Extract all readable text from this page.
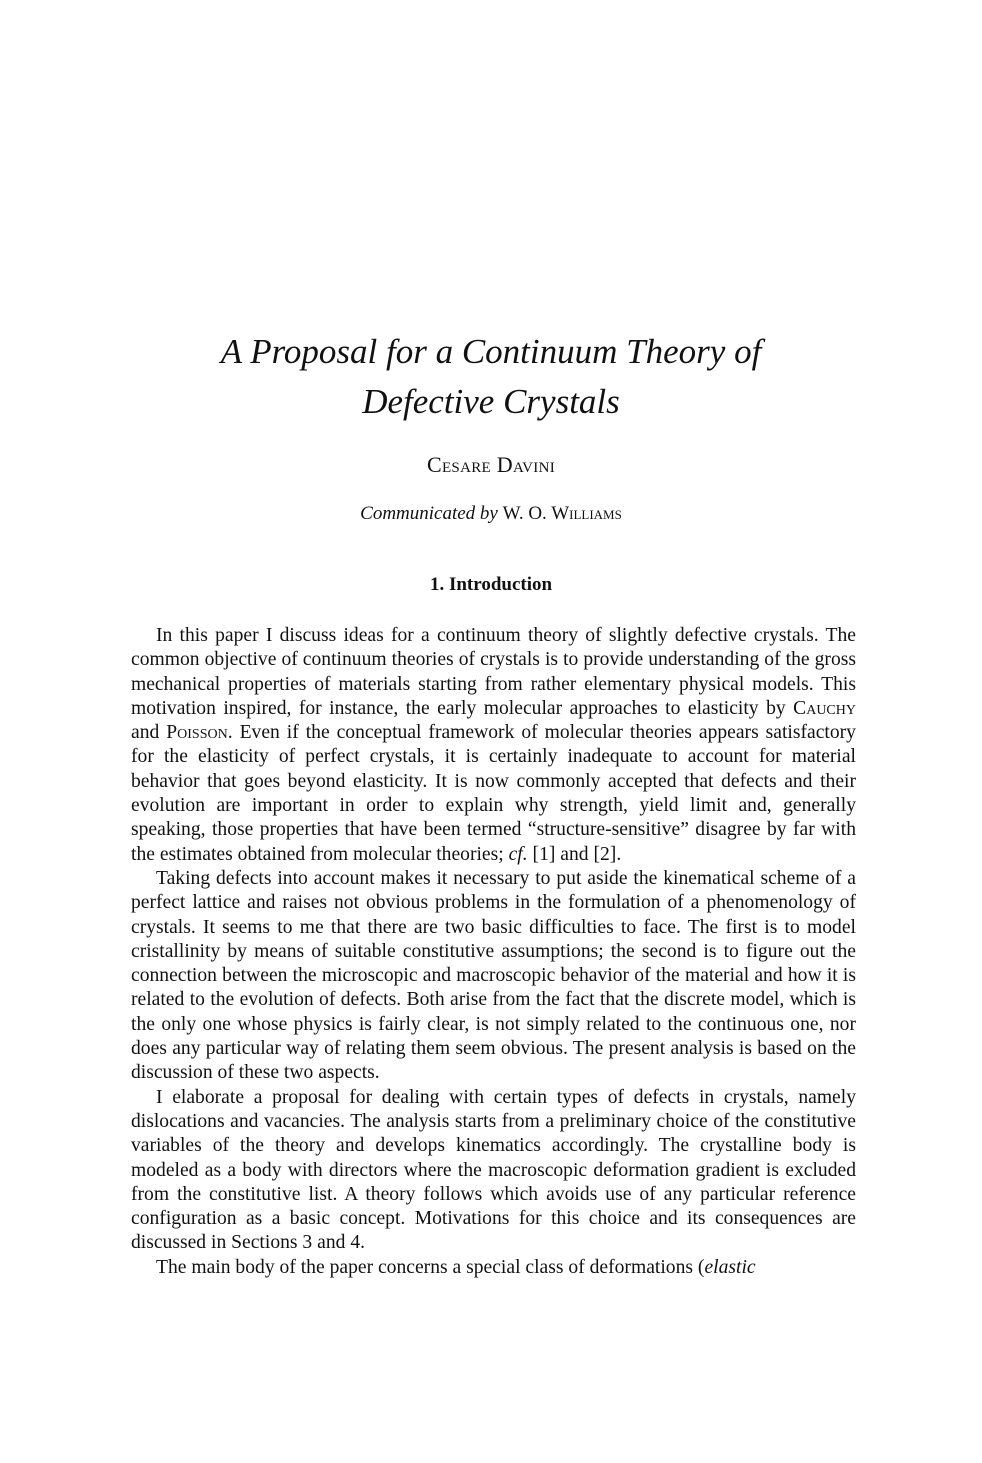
A Proposal for a Continuum Theory of
Defective Crystals
Cesare Davini
Communicated by W. O. Williams
1. Introduction

In this paper I discuss ideas for a continuum theory of slightly defective crystals. The common objective of continuum theories of crystals is to provide understanding of the gross mechanical properties of materials starting from rather elementary physical models. This motivation inspired, for instance, the early molecular approaches to elasticity by Cauchy and Poisson. Even if the conceptual framework of molecular theories appears satisfactory for the elasticity of perfect crystals, it is certainly inadequate to account for material behavior that goes beyond elasticity. It is now commonly accepted that defects and their evolution are important in order to explain why strength, yield limit and, generally speaking, those properties that have been termed “structure-sensitive” disagree by far with the estimates obtained from molecular theories; cf. [1] and [2].

Taking defects into account makes it necessary to put aside the kinematical scheme of a perfect lattice and raises not obvious problems in the formulation of a phenomenology of crystals. It seems to me that there are two basic difficulties to face. The first is to model cristallinity by means of suitable constitutive assumptions; the second is to figure out the connection between the microscopic and macroscopic behavior of the material and how it is related to the evolution of defects. Both arise from the fact that the discrete model, which is the only one whose physics is fairly clear, is not simply related to the continuous one, nor does any particular way of relating them seem obvious. The present analysis is based on the discussion of these two aspects.

I elaborate a proposal for dealing with certain types of defects in crystals, namely dislocations and vacancies. The analysis starts from a preliminary choice of the constitutive variables of the theory and develops kinematics accordingly. The crystalline body is modeled as a body with directors where the macroscopic deformation gradient is excluded from the constitutive list. A theory follows which avoids use of any particular reference configuration as a basic concept. Motivations for this choice and its consequences are discussed in Sections 3 and 4.

The main body of the paper concerns a special class of deformations (elastic
